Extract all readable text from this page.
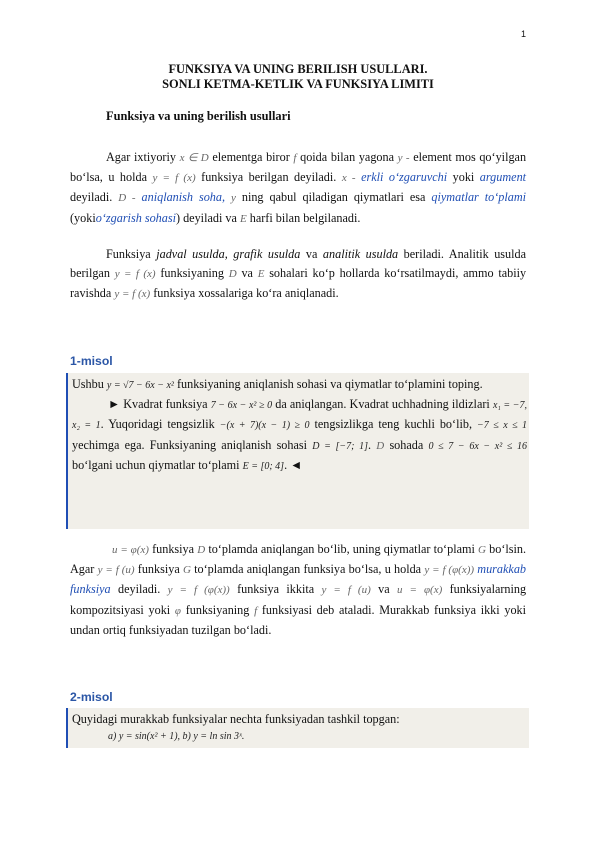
1
FUNKSIYA VA UNING BERILISH USULLARI.
SONLI KETMA-KETLIK VA FUNKSIYA LIMITI
Funksiya va uning berilish usullari
Agar ixtiyoriy x ∈ D elementga biror f qoida bilan yagona y - element mos qo‘yilgan bo‘lsa, u holda y = f (x) funksiya berilgan deyiladi. x - erkli o‘zgaruvchi yoki argument deyiladi. D - aniqlanish soha, y ning qabul qiladigan qiymatlari esa qiymatlar to‘plami (yokio‘zgarish sohasi) deyiladi va E harfi bilan belgilanadi.
Funksiya jadval usulda, grafik usulda va analitik usulda beriladi. Analitik usulda berilgan y = f (x) funksiyaning D va E sohalari ko‘p hollarda ko‘rsatilmaydi, ammo tabiiy ravishda y = f (x) funksiya xossalariga ko‘ra aniqlanadi.
1-misol
Ushbu y = √7 − 6x − x² funksiyaning aniqlanish sohasi va qiymatlar to‘plamini toping.
► Kvadrat funksiya 7 − 6x − x² ≥ 0 da aniqlangan. Kvadrat uchhadning ildizlari x₁ = −7, x₂ = 1. Yuqoridagi tengsizlik −(x + 7)(x − 1) ≥ 0 tengsizlikga teng kuchli bo‘lib, −7 ≤ x ≤ 1 yechimga ega. Funksiyaning aniqlanish sohasi D = [−7; 1]. D sohada 0 ≤ 7 − 6x − x² ≤ 16 bo‘lgani uchun qiymatlar to‘plami E = [0; 4]. ◄
u = φ(x) funksiya D to‘plamda aniqlangan bo‘lib, uning qiymatlar to‘plami G bo‘lsin. Agar y = f (u) funksiya G to‘plamda aniqlangan funksiya bo‘lsa, u holda y = f (φ(x)) murakkab funksiya deyiladi. y = f (φ(x)) funksiya ikkita y = f (u) va u = φ(x) funksiyalarning kompozitsiyasi yoki φ funksiyaning f funksiyasi deb ataladi. Murakkab funksiya ikki yoki undan ortiq funksiyadan tuzilgan bo‘ladi.
2-misol
Quyidagi murakkab funksiyalar nechta funksiyadan tashkil topgan:
a) y = sin(x² + 1), b) y = ln sin 3ˣ.
